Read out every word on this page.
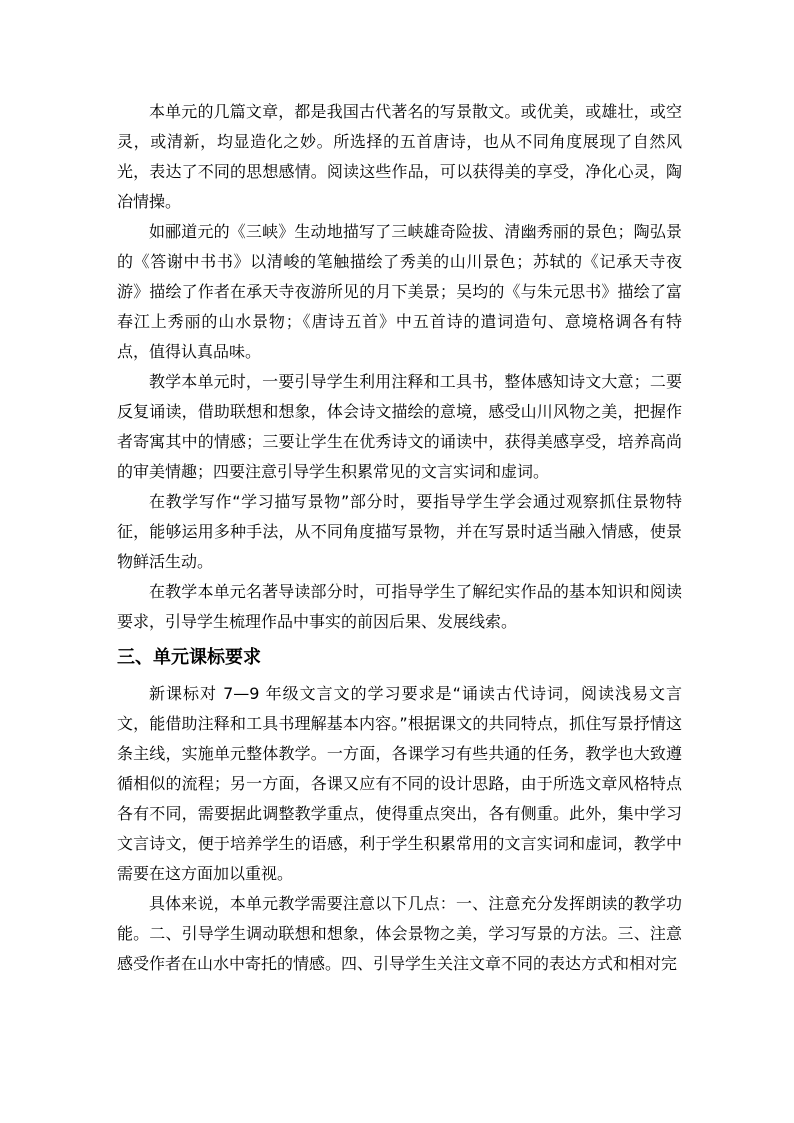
本单元的几篇文章，都是我国古代著名的写景散文。或优美，或雄壮，或空灵，或清新，均显造化之妙。所选择的五首唐诗，也从不同角度展现了自然风光，表达了不同的思想感情。阅读这些作品，可以获得美的享受，净化心灵，陶冶情操。

如郦道元的《三峡》生动地描写了三峡雄奇险拔、清幽秀丽的景色；陶弘景的《答谢中书书》以清峻的笔触描绘了秀美的山川景色；苏轼的《记承天寺夜游》描绘了作者在承天寺夜游所见的月下美景；吴均的《与朱元思书》描绘了富春江上秀丽的山水景物；《唐诗五首》中五首诗的遣词造句、意境格调各有特点，值得认真品味。

教学本单元时，一要引导学生利用注释和工具书，整体感知诗文大意；二要反复诵读，借助联想和想象，体会诗文描绘的意境，感受山川风物之美，把握作者寄寓其中的情感；三要让学生在优秀诗文的诵读中，获得美感享受，培养高尚的审美情趣；四要注意引导学生积累常见的文言实词和虚词。

在教学写作“学习描写景物”部分时，要指导学生学会通过观察抓住景物特征，能够运用多种手法，从不同角度描写景物，并在写景时适当融入情感，使景物鲜活生动。

在教学本单元名著导读部分时，可指导学生了解纪实作品的基本知识和阅读要求，引导学生梳理作品中事实的前因后果、发展线索。

三、单元课标要求

新课标对 7—9 年级文言文的学习要求是“诵读古代诗词，阅读浅易文言文，能借助注释和工具书理解基本内容。”根据课文的共同特点，抓住写景抒情这条主线，实施单元整体教学。一方面，各课学习有些共通的任务，教学也大致遵循相似的流程；另一方面，各课又应有不同的设计思路，由于所选文章风格特点各有不同，需要据此调整教学重点，使得重点突出，各有侧重。此外，集中学习文言诗文，便于培养学生的语感，利于学生积累常用的文言实词和虚词，教学中需要在这方面加以重视。

具体来说，本单元教学需要注意以下几点：一、注意充分发挥朗读的教学功能。二、引导学生调动联想和想象，体会景物之美，学习写景的方法。三、注意感受作者在山水中寄托的情感。四、引导学生关注文章不同的表达方式和相对完
